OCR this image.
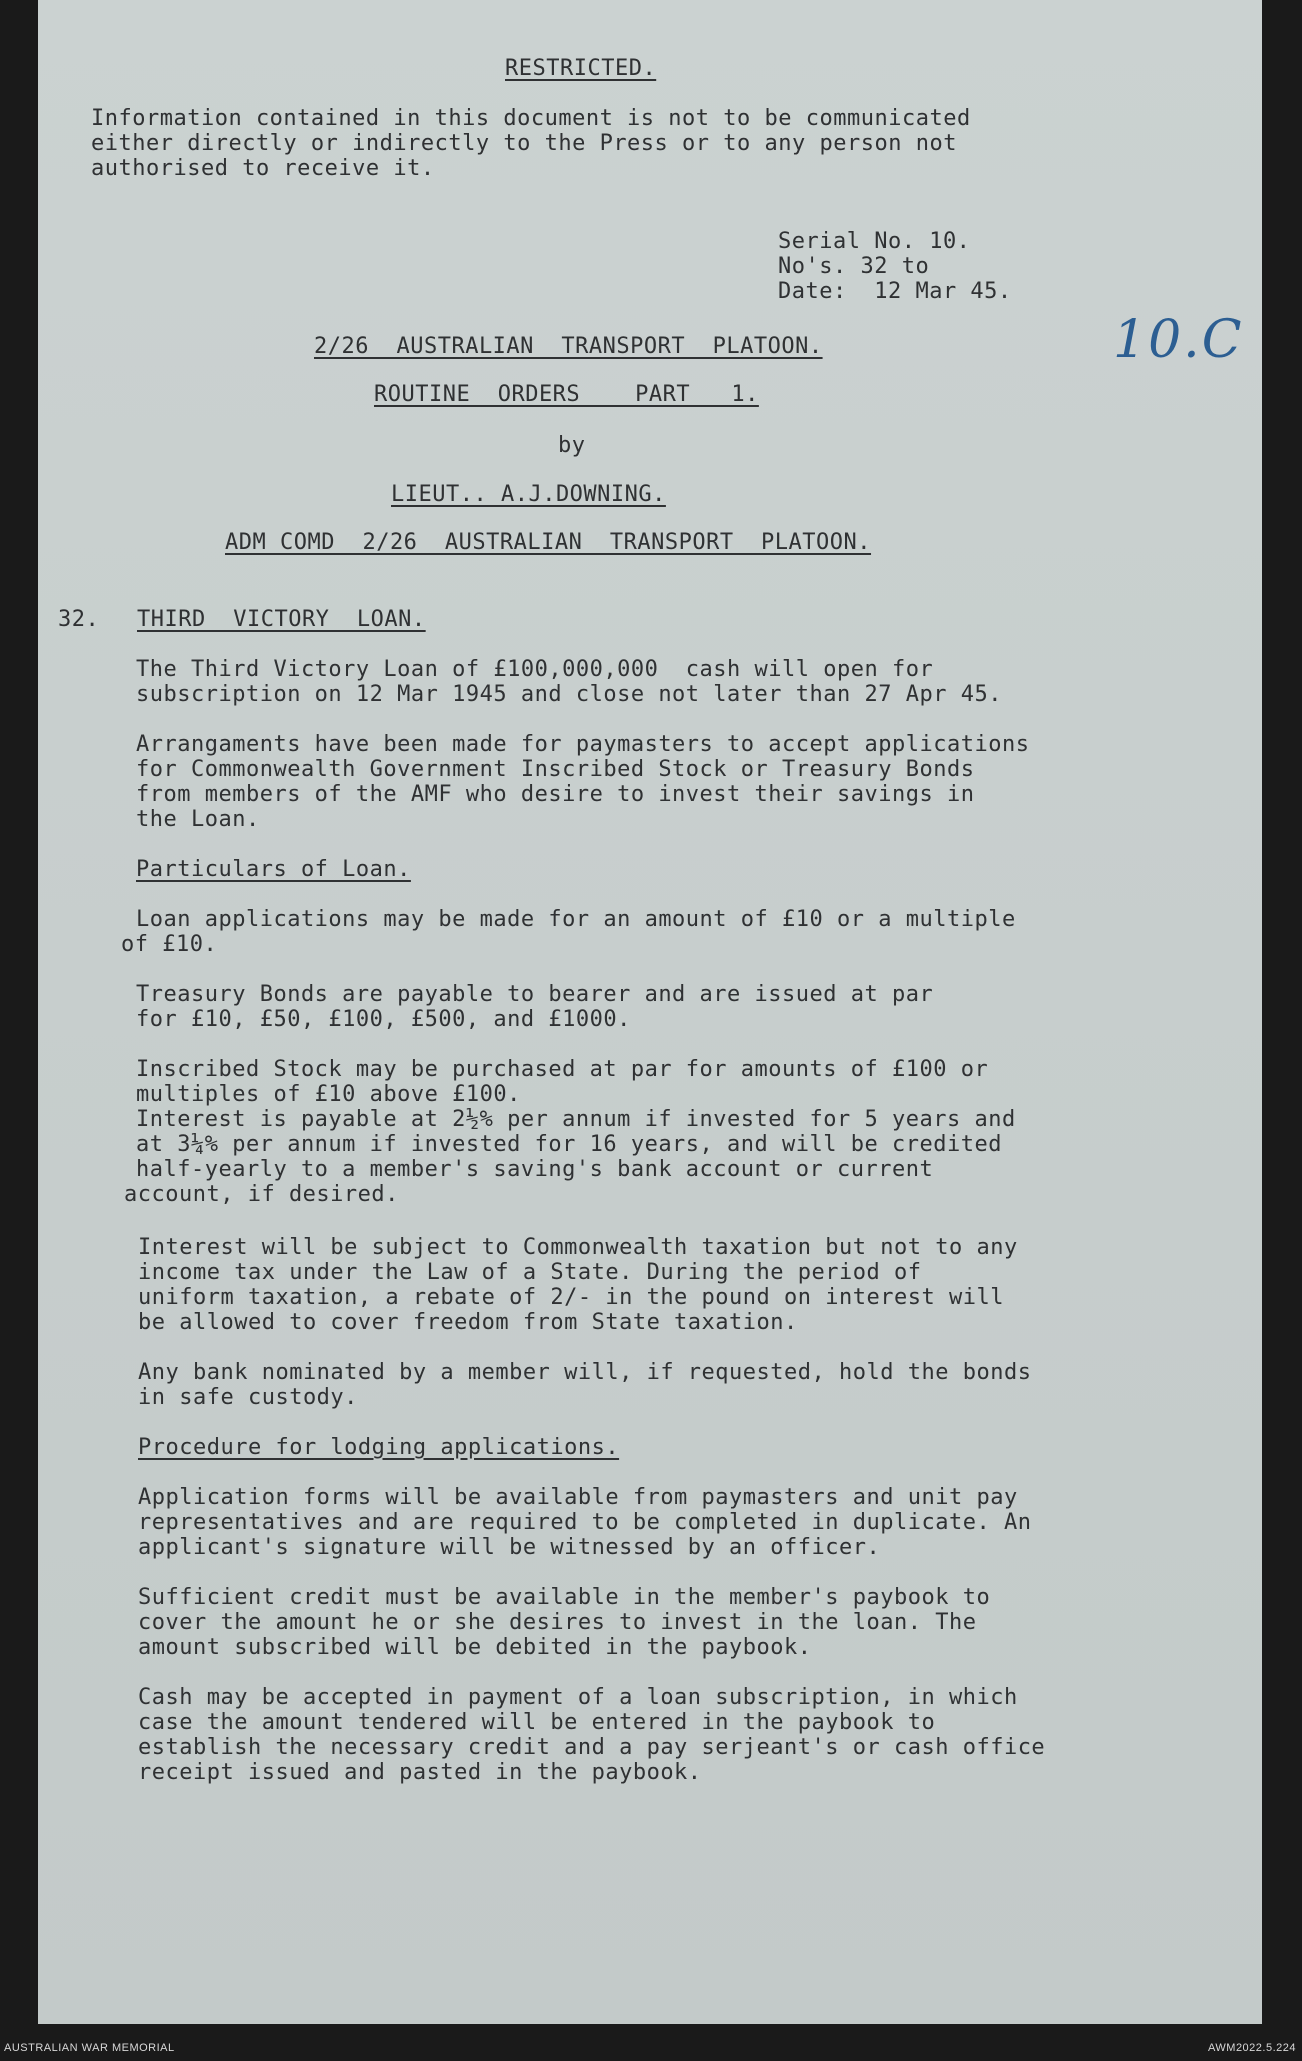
RESTRICTED.
Information contained in this document is not to be communicated
either directly or indirectly to the Press or to any person not
authorised to receive it.
Serial No. 10.
No's. 32 to
Date:  12 Mar 45.
10.C
2/26  AUSTRALIAN  TRANSPORT  PLATOON.
ROUTINE  ORDERS    PART   1.
by
LIEUT.. A.J.DOWNING.
ADM COMD  2/26  AUSTRALIAN  TRANSPORT  PLATOON.
32. THIRD  VICTORY  LOAN.
The Third Victory Loan of £100,000,000  cash will open for
subscription on 12 Mar 1945 and close not later than 27 Apr 45.
Arrangaments have been made for paymasters to accept applications
for Commonwealth Government Inscribed Stock or Treasury Bonds
from members of the AMF who desire to invest their savings in
the Loan.
Particulars of Loan.
Loan applications may be made for an amount of £10 or a multiple
of £10.
Treasury Bonds are payable to bearer and are issued at par
for £10, £50, £100, £500, and £1000.
Inscribed Stock may be purchased at par for amounts of £100 or
multiples of £10 above £100.
Interest is payable at 2½% per annum if invested for 5 years and
at 3¼% per annum if invested for 16 years, and will be credited
half-yearly to a member's saving's bank account or current
account, if desired.
Interest will be subject to Commonwealth taxation but not to any
income tax under the Law of a State. During the period of
uniform taxation, a rebate of 2/- in the pound on interest will
be allowed to cover freedom from State taxation.
Any bank nominated by a member will, if requested, hold the bonds
in safe custody.
Procedure for lodging applications.
Application forms will be available from paymasters and unit pay
representatives and are required to be completed in duplicate. An
applicant's signature will be witnessed by an officer.
Sufficient credit must be available in the member's paybook to
cover the amount he or she desires to invest in the loan. The
amount subscribed will be debited in the paybook.
Cash may be accepted in payment of a loan subscription, in which
case the amount tendered will be entered in the paybook to
establish the necessary credit and a pay serjeant's or cash office
receipt issued and pasted in the paybook.
AUSTRALIAN WAR MEMORIAL	AWM2022.5.224
